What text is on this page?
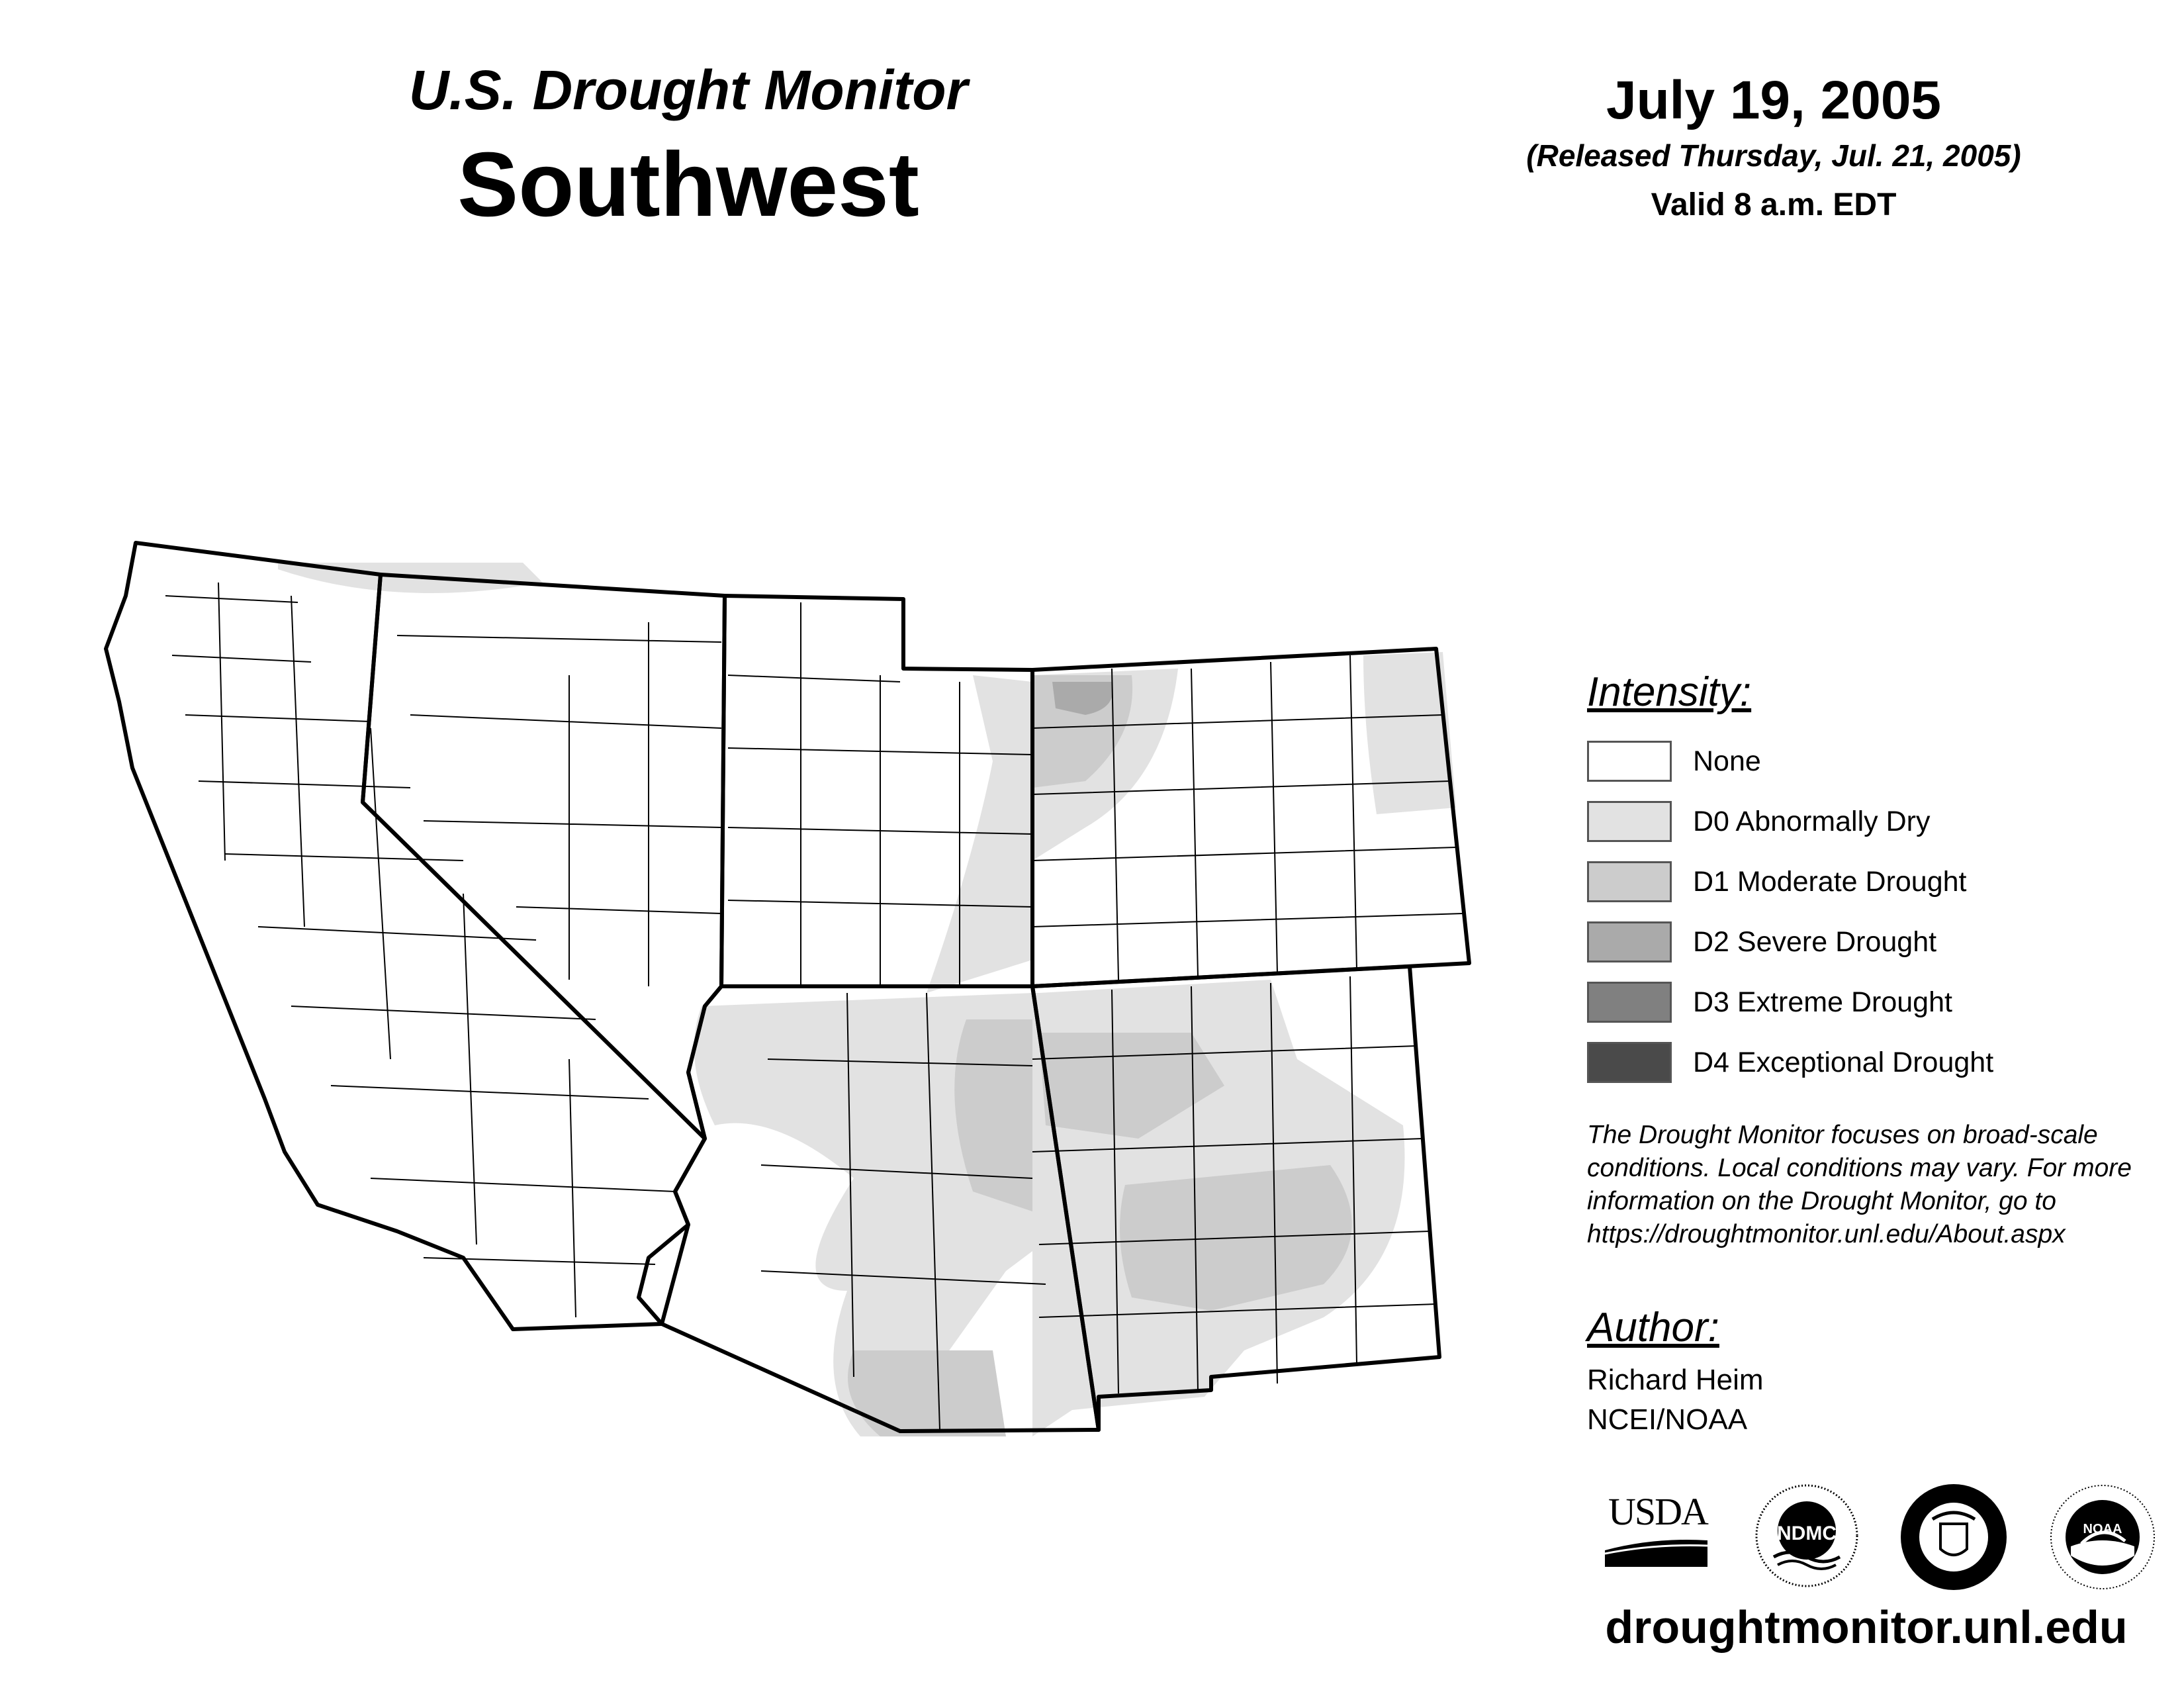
U.S. Drought Monitor
Southwest
July 19, 2005
(Released Thursday, Jul. 21, 2005)
Valid 8 a.m. EDT
Intensity:
None
D0 Abnormally Dry
D1 Moderate Drought
D2 Severe Drought
D3 Extreme Drought
D4 Exceptional Drought
The Drought Monitor focuses on broad-scale conditions. Local conditions may vary. For more information on the Drought Monitor, go to https://droughtmonitor.unl.edu/About.aspx
Author:
Richard Heim
NCEI/NOAA
USDA
NDMC	NOAA
droughtmonitor.unl.edu
